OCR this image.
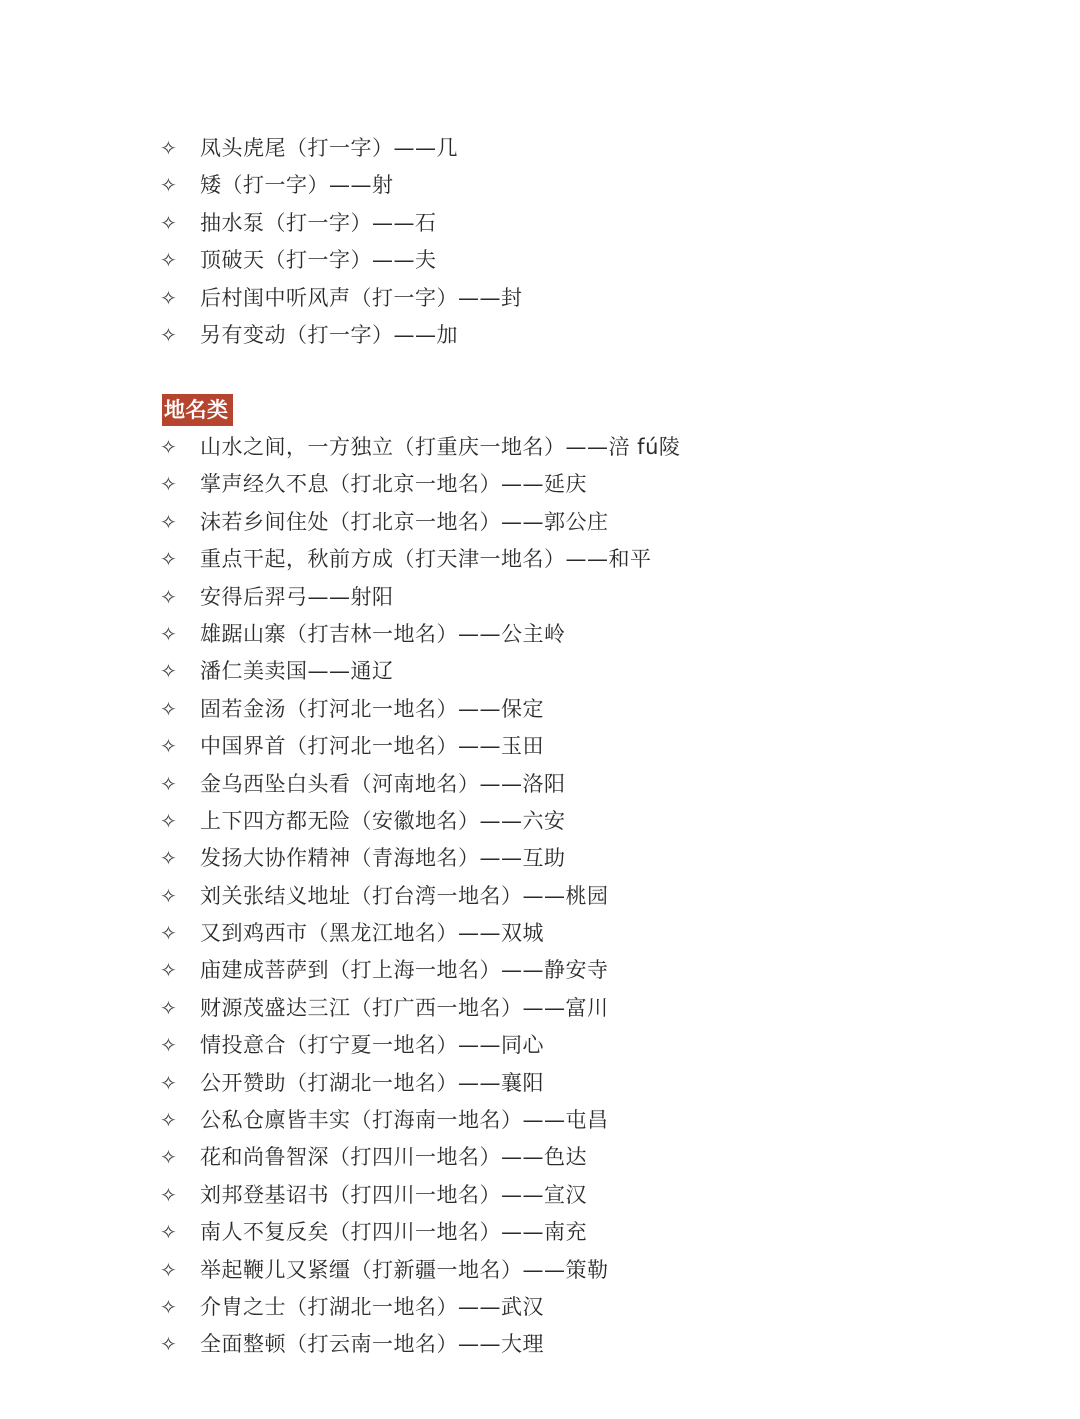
✧	凤头虎尾（打一字）——几
✧	矮（打一字）——射
✧	抽水泵（打一字）——石
✧	顶破天（打一字）——夫
✧	后村闺中听风声（打一字）——封
✧	另有变动（打一字）——加
地名类
✧	山水之间，一方独立（打重庆一地名）——涪 fú陵
✧	掌声经久不息（打北京一地名）——延庆
✧	沫若乡间住处（打北京一地名）——郭公庄
✧	重点干起，秋前方成（打天津一地名）——和平
✧	安得后羿弓——射阳
✧	雄踞山寨（打吉林一地名）——公主岭
✧	潘仁美卖国——通辽
✧	固若金汤（打河北一地名）——保定
✧	中国界首（打河北一地名）——玉田
✧	金乌西坠白头看（河南地名）——洛阳
✧	上下四方都无险（安徽地名）——六安
✧	发扬大协作精神（青海地名）——互助
✧	刘关张结义地址（打台湾一地名）——桃园
✧	又到鸡西市（黑龙江地名）——双城
✧	庙建成菩萨到（打上海一地名）——静安寺
✧	财源茂盛达三江（打广西一地名）——富川
✧	情投意合（打宁夏一地名）——同心
✧	公开赞助（打湖北一地名）——襄阳
✧	公私仓廪皆丰实（打海南一地名）——屯昌
✧	花和尚鲁智深（打四川一地名）——色达
✧	刘邦登基诏书（打四川一地名）——宣汉
✧	南人不复反矣（打四川一地名）——南充
✧	举起鞭儿又紧缰（打新疆一地名）——策勒
✧	介胄之士（打湖北一地名）——武汉
✧	全面整顿（打云南一地名）——大理
